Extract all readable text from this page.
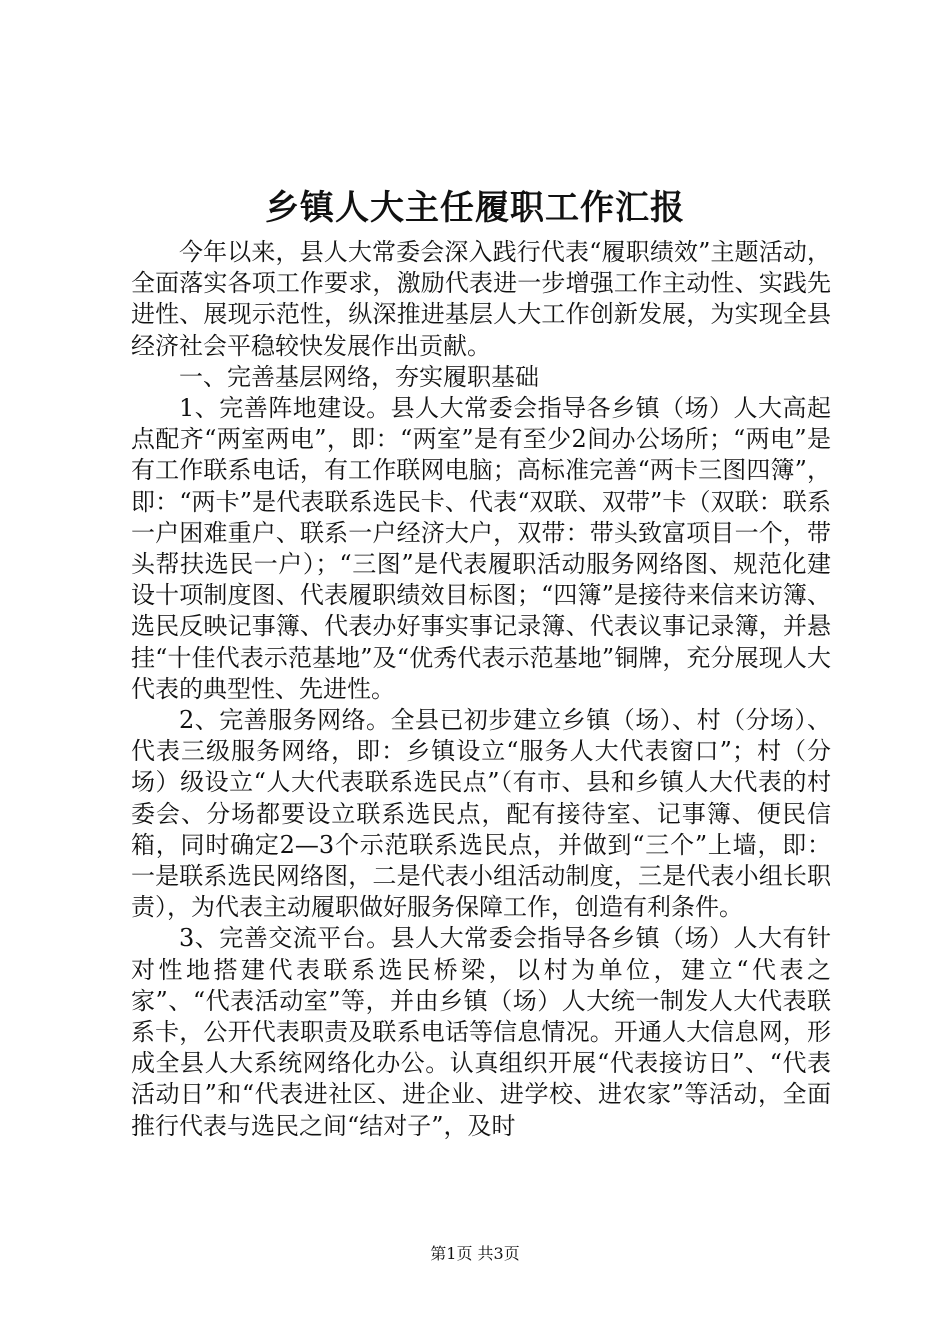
乡镇人大主任履职工作汇报

今年以来，县人大常委会深入践行代表“履职绩效”主题活动，全面落实各项工作要求，激励代表进一步增强工作主动性、实践先进性、展现示范性，纵深推进基层人大工作创新发展，为实现全县经济社会平稳较快发展作出贡献。

一、完善基层网络，夯实履职基础

1、完善阵地建设。县人大常委会指导各乡镇（场）人大高起点配齐“两室两电”，即：“两室”是有至少2间办公场所；“两电”是有工作联系电话，有工作联网电脑；高标准完善“两卡三图四簿”，即：“两卡”是代表联系选民卡、代表“双联、双带”卡（双联：联系一户困难重户、联系一户经济大户，双带：带头致富项目一个，带头帮扶选民一户）；“三图”是代表履职活动服务网络图、规范化建设十项制度图、代表履职绩效目标图；“四簿”是接待来信来访簿、选民反映记事簿、代表办好事实事记录簿、代表议事记录簿，并悬挂“十佳代表示范基地”及“优秀代表示范基地”铜牌，充分展现人大代表的典型性、先进性。

2、完善服务网络。全县已初步建立乡镇（场）、村（分场）、代表三级服务网络，即：乡镇设立“服务人大代表窗口”；村（分场）级设立“人大代表联系选民点”（有市、县和乡镇人大代表的村委会、分场都要设立联系选民点，配有接待室、记事簿、便民信箱，同时确定2—3个示范联系选民点，并做到“三个”上墙，即：一是联系选民网络图，二是代表小组活动制度，三是代表小组长职责），为代表主动履职做好服务保障工作，创造有利条件。

3、完善交流平台。县人大常委会指导各乡镇（场）人大有针对性地搭建代表联系选民桥梁，以村为单位，建立“代表之家”、“代表活动室”等，并由乡镇（场）人大统一制发人大代表联系卡，公开代表职责及联系电话等信息情况。开通人大信息网，形成全县人大系统网络化办公。认真组织开展“代表接访日”、“代表活动日”和“代表进社区、进企业、进学校、进农家”等活动，全面推行代表与选民之间“结对子”，及时

第1页 共3页
